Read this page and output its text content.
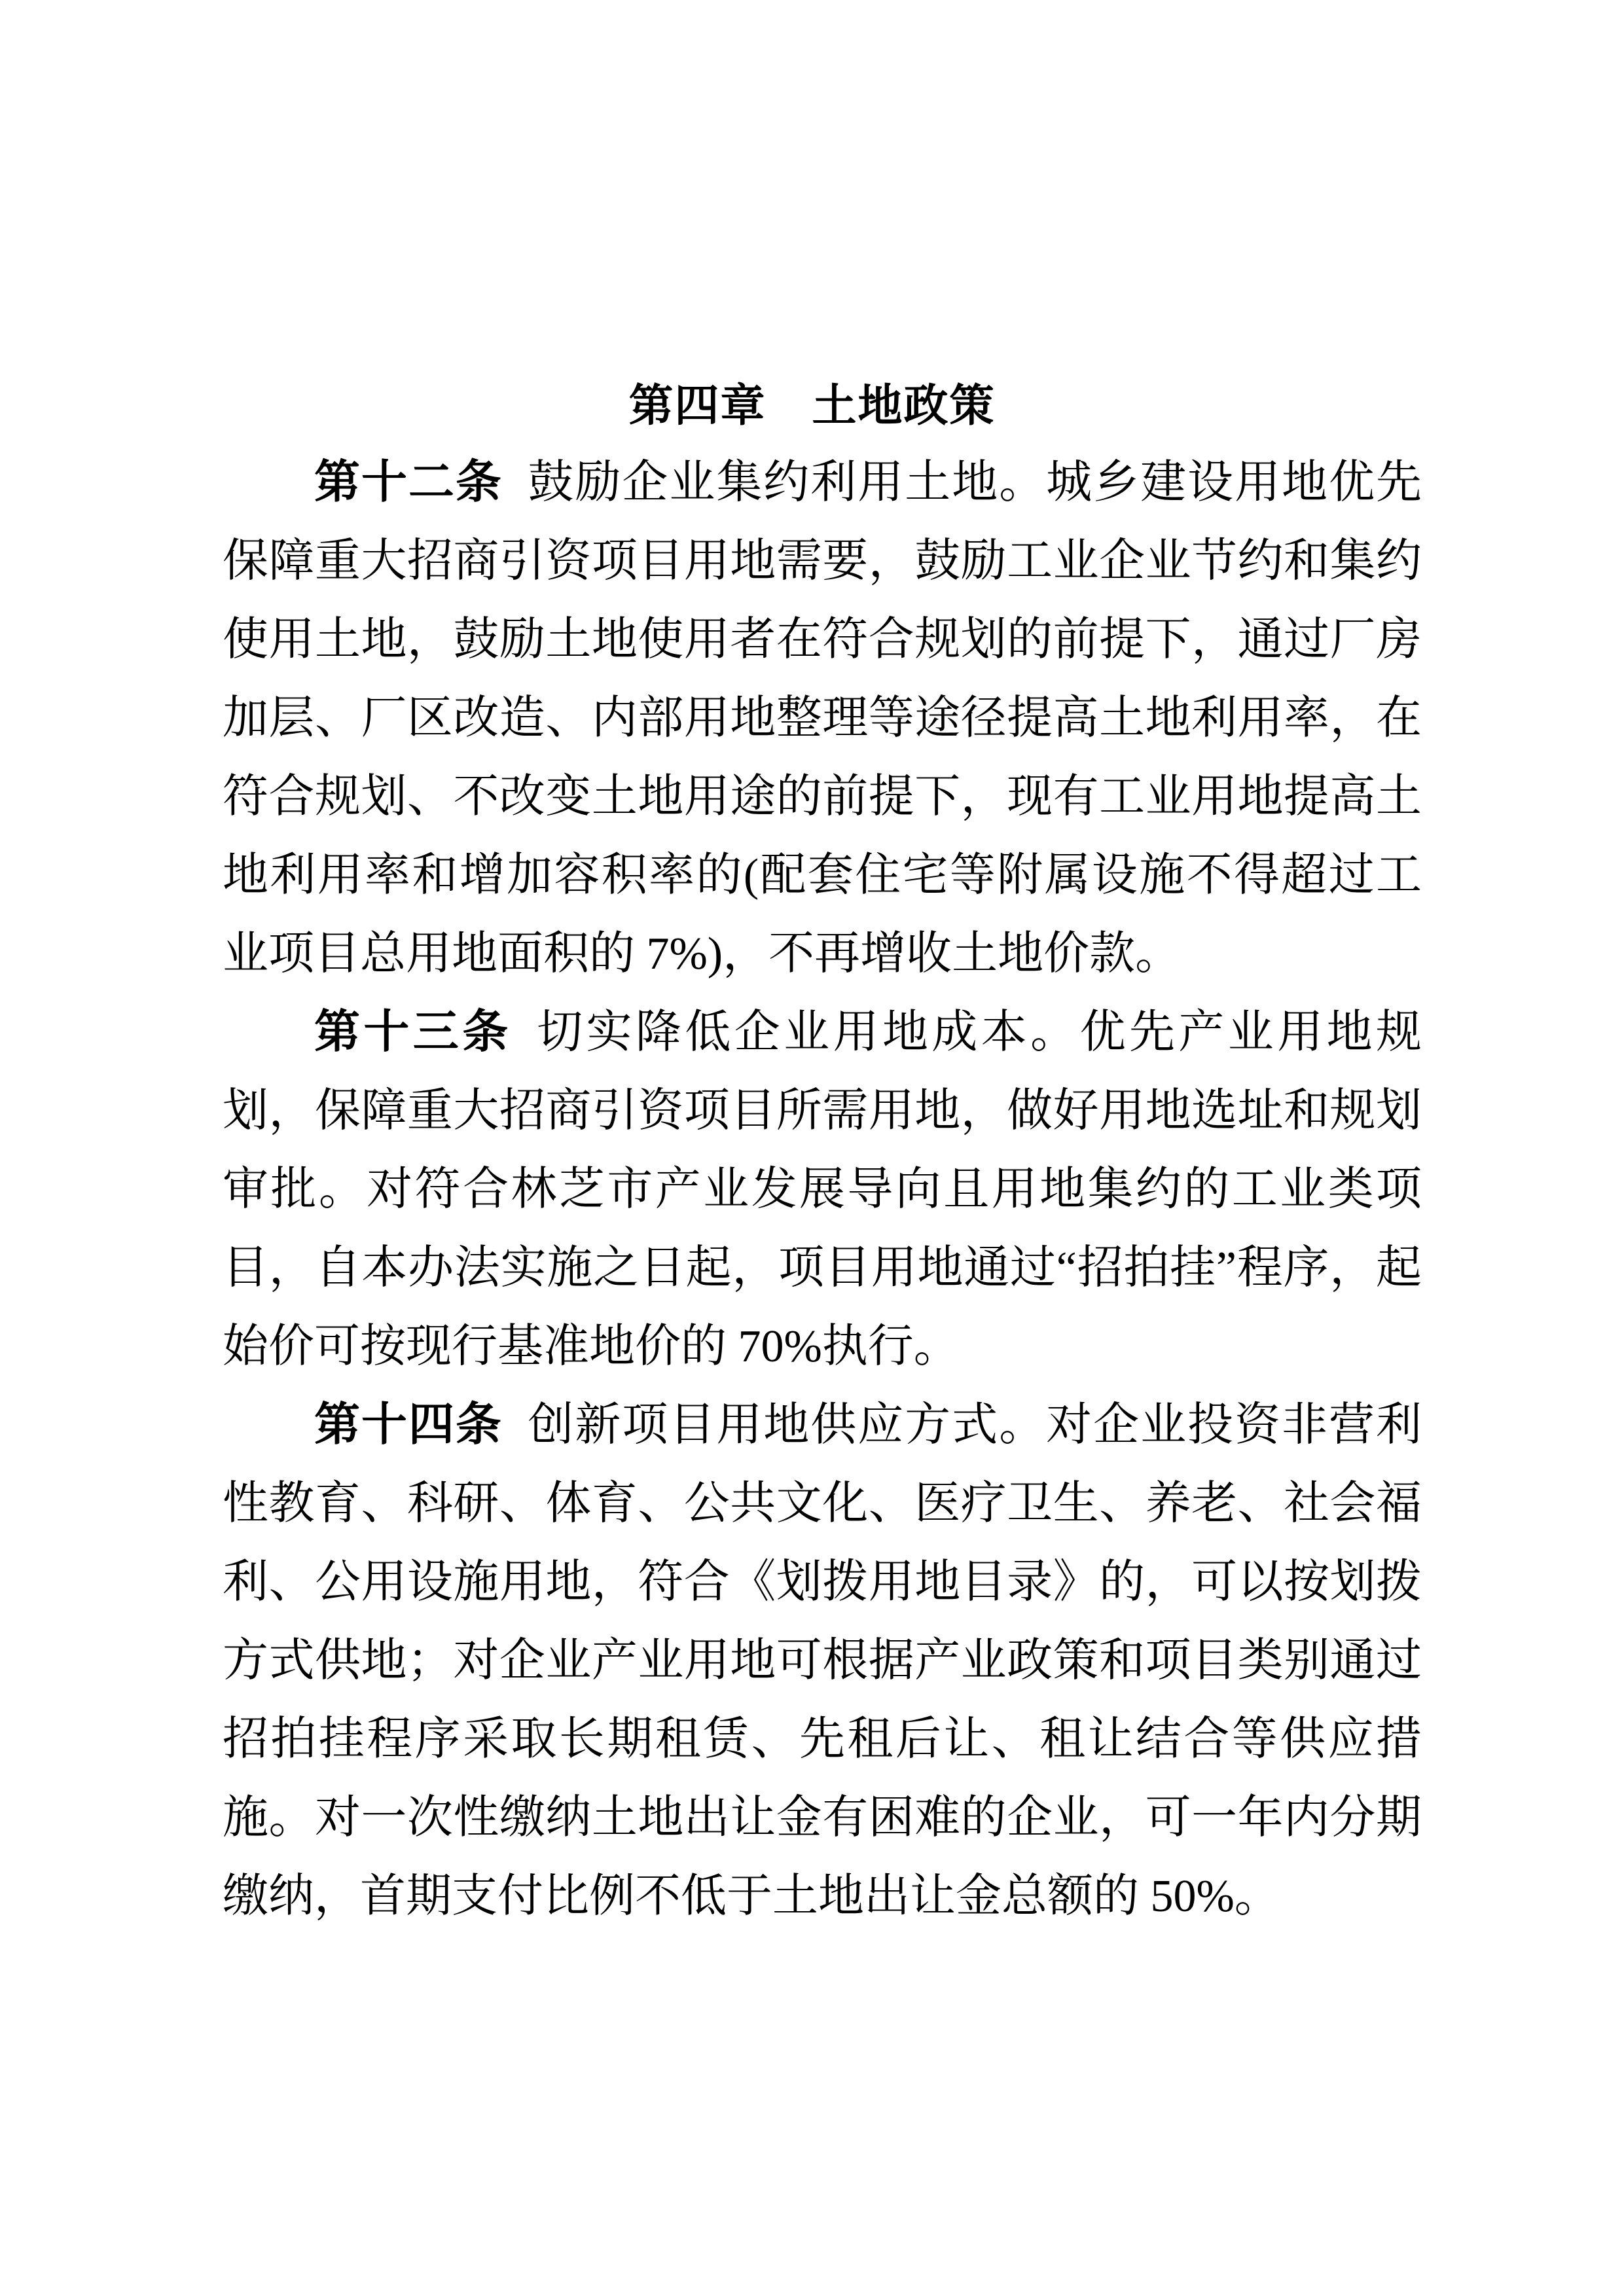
第四章　土地政策

第十二条 鼓励企业集约利用土地。城乡建设用地优先保障重大招商引资项目用地需要，鼓励工业企业节约和集约使用土地，鼓励土地使用者在符合规划的前提下，通过厂房加层、厂区改造、内部用地整理等途径提高土地利用率，在符合规划、不改变土地用途的前提下，现有工业用地提高土地利用率和增加容积率的(配套住宅等附属设施不得超过工业项目总用地面积的 7%)，不再增收土地价款。

第十三条 切实降低企业用地成本。优先产业用地规划，保障重大招商引资项目所需用地，做好用地选址和规划审批。对符合林芝市产业发展导向且用地集约的工业类项目，自本办法实施之日起，项目用地通过“招拍挂”程序，起始价可按现行基准地价的 70%执行。

第十四条 创新项目用地供应方式。对企业投资非营利性教育、科研、体育、公共文化、医疗卫生、养老、社会福利、公用设施用地，符合《划拨用地目录》的，可以按划拨方式供地；对企业产业用地可根据产业政策和项目类别通过招拍挂程序采取长期租赁、先租后让、租让结合等供应措施。对一次性缴纳土地出让金有困难的企业，可一年内分期缴纳，首期支付比例不低于土地出让金总额的 50%。
